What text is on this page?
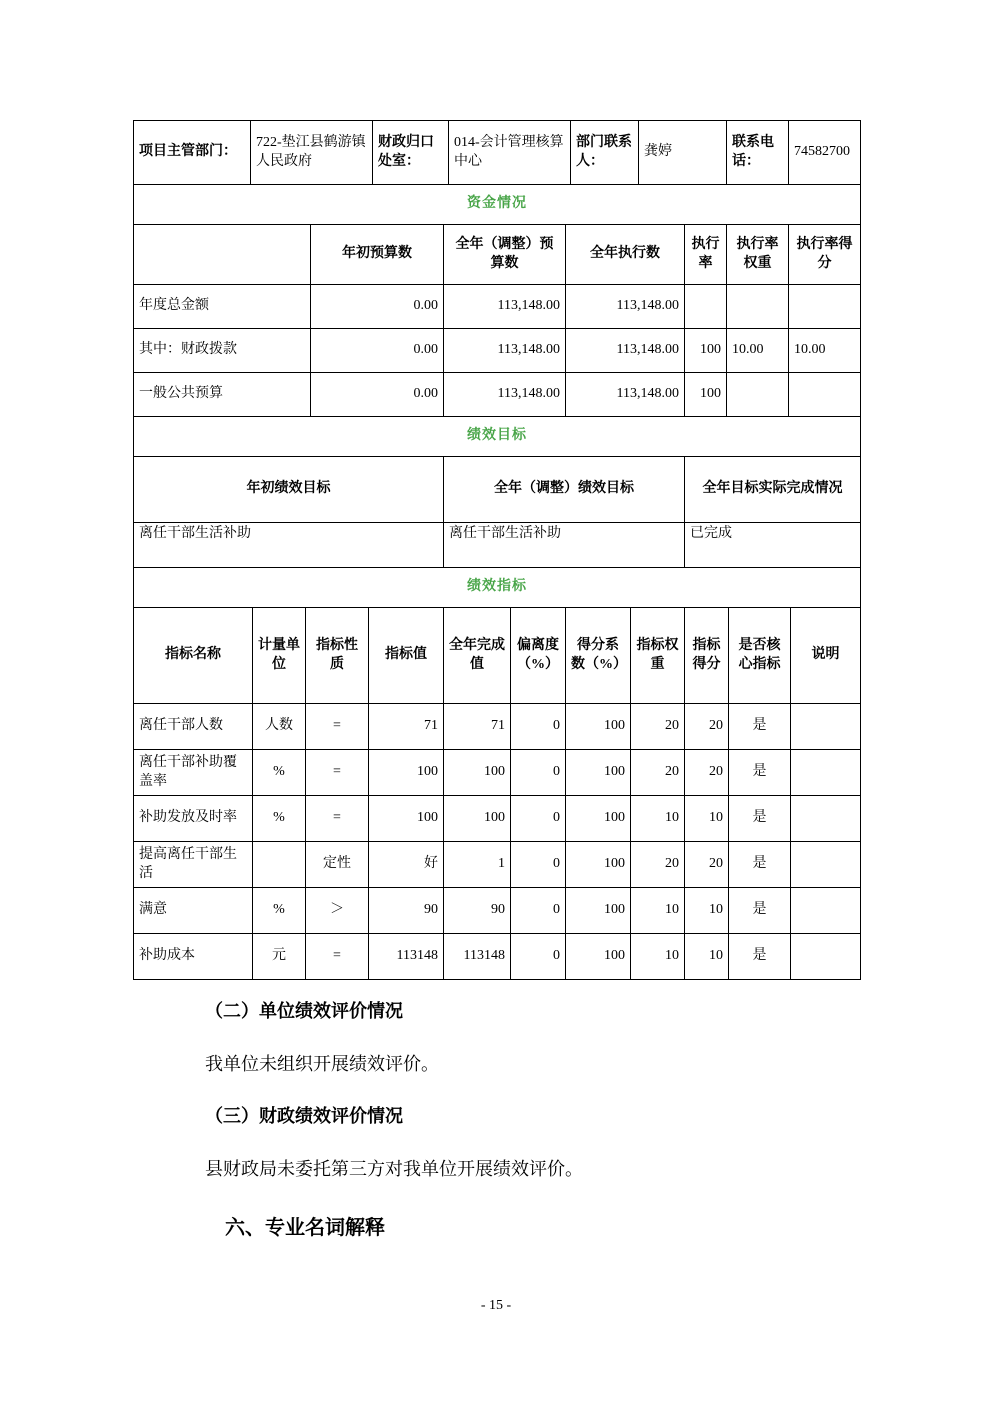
项目主管部门：	722-垫江县鹤游镇人民政府	财政归口处室：	014-会计管理核算中心	部门联系人：	龚婷	联系电话：	74582700
资金情况						
	年初预算数	全年（调整）预算数	全年执行数	执行率	执行率权重	执行率得分
年度总金额	0.00	113,148.00	113,148.00			
其中：财政拨款	0.00	113,148.00	113,148.00	100	10.00	10.00
一般公共预算	0.00	113,148.00	113,148.00	100		
绩效目标		
年初绩效目标	全年（调整）绩效目标	全年目标实际完成情况
离任干部生活补助	离任干部生活补助	已完成
绩效指标										
指标名称	计量单位	指标性质	指标值	全年完成值	偏离度（%）	得分系数（%）	指标权重	指标得分	是否核心指标	说明
离任干部人数	人数	=	71	71	0	100	20	20	是	
离任干部补助覆盖率	%	=	100	100	0	100	20	20	是	
补助发放及时率	%	=	100	100	0	100	10	10	是	
提高离任干部生活		定性	好	1	0	100	20	20	是	
满意	%	＞	90	90	0	100	10	10	是	
补助成本	元	=	113148	113148	0	100	10	10	是	
（二）单位绩效评价情况
我单位未组织开展绩效评价。
（三）财政绩效评价情况
县财政局未委托第三方对我单位开展绩效评价。
六、专业名词解释
- 15 -
